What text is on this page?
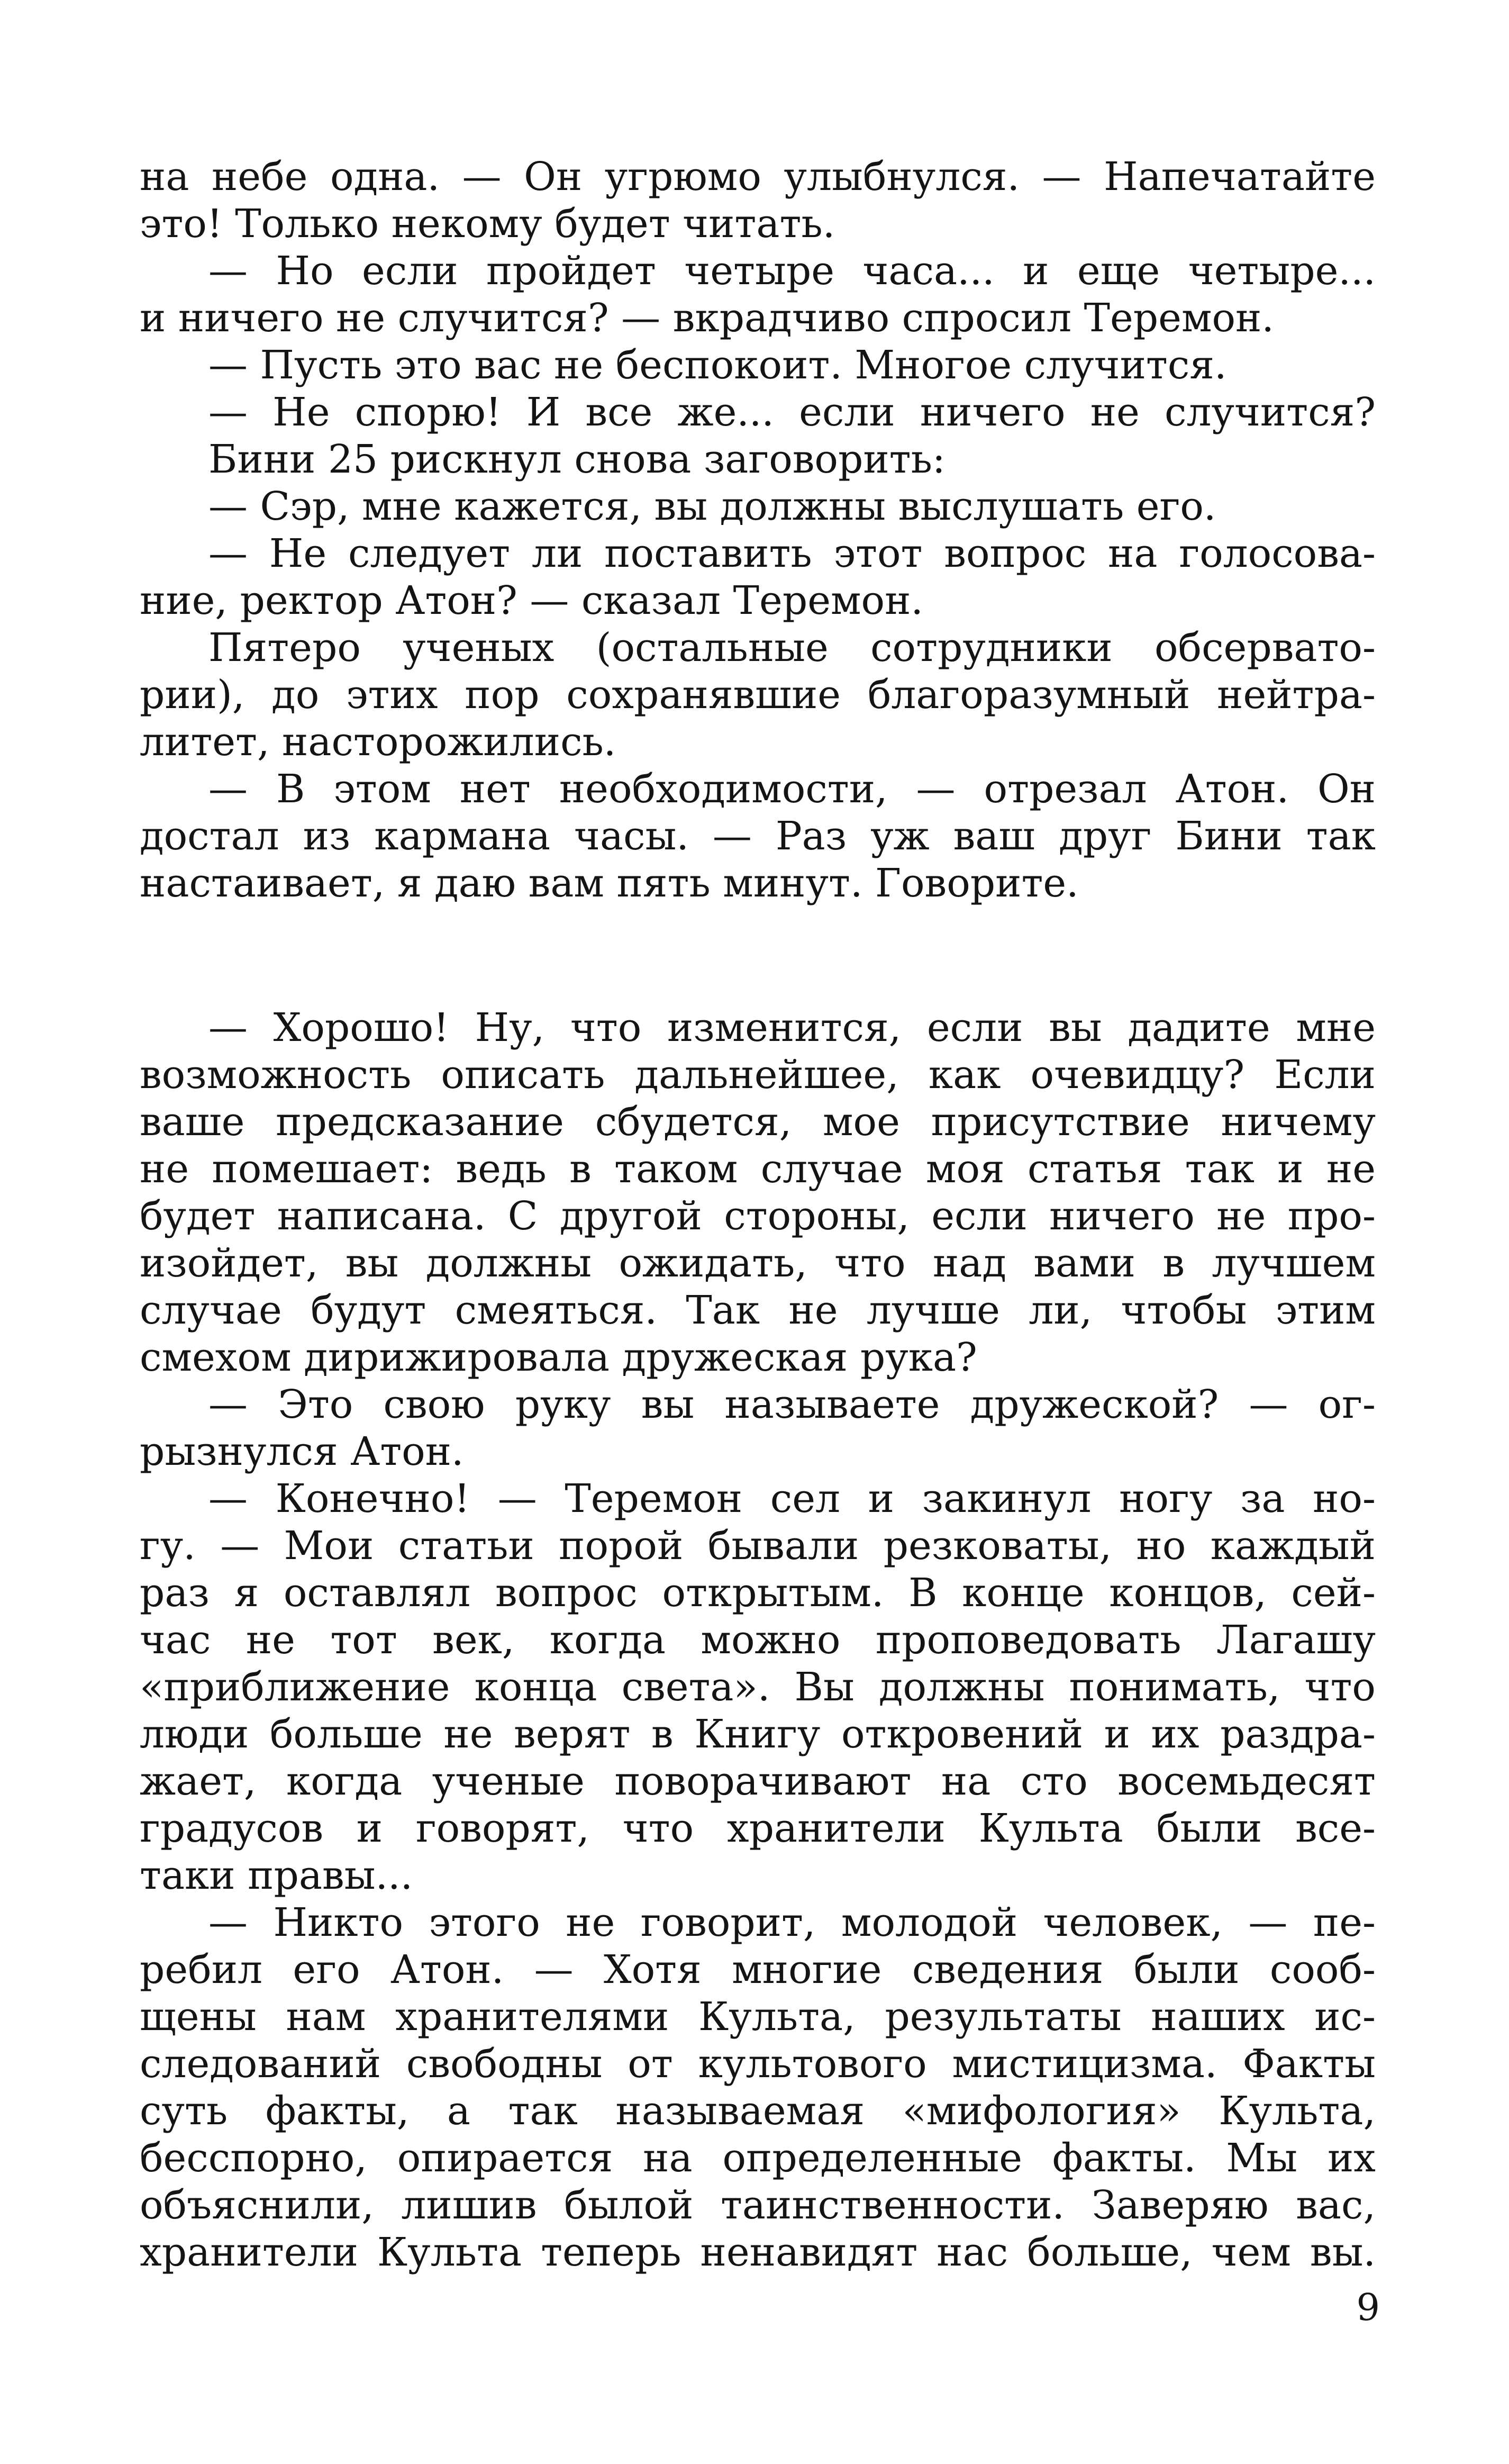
на небе одна. — Он угрюмо улыбнулся. — Напечатайте
это! Только некому будет читать.
— Но если пройдет четыре часа... и еще четыре...
и ничего не случится? — вкрадчиво спросил Теремон.
— Пусть это вас не беспокоит. Многое случится.
— Не спорю! И все же... если ничего не случится?
Бини 25 рискнул снова заговорить:
— Сэр, мне кажется, вы должны выслушать его.
— Не следует ли поставить этот вопрос на голосова-
ние, ректор Атон? — сказал Теремон.
Пятеро ученых (остальные сотрудники обсервато-
рии), до этих пор сохранявшие благоразумный нейтра-
литет, насторожились.
— В этом нет необходимости, — отрезал Атон. Он
достал из кармана часы. — Раз уж ваш друг Бини так
настаивает, я даю вам пять минут. Говорите.
— Хорошо! Ну, что изменится, если вы дадите мне
возможность описать дальнейшее, как очевидцу? Если
ваше предсказание сбудется, мое присутствие ничему
не помешает: ведь в таком случае моя статья так и не
будет написана. С другой стороны, если ничего не про-
изойдет, вы должны ожидать, что над вами в лучшем
случае будут смеяться. Так не лучше ли, чтобы этим
смехом дирижировала дружеская рука?
— Это свою руку вы называете дружеской? — ог-
рызнулся Атон.
— Конечно! — Теремон сел и закинул ногу за но-
гу. — Мои статьи порой бывали резковаты, но каждый
раз я оставлял вопрос открытым. В конце концов, сей-
час не тот век, когда можно проповедовать Лагашу
«приближение конца света». Вы должны понимать, что
люди больше не верят в Книгу откровений и их раздра-
жает, когда ученые поворачивают на сто восемьдесят
градусов и говорят, что хранители Культа были все-
таки правы...
— Никто этого не говорит, молодой человек, — пе-
ребил его Атон. — Хотя многие сведения были сооб-
щены нам хранителями Культа, результаты наших ис-
следований свободны от культового мистицизма. Факты
суть факты, а так называемая «мифология» Культа,
бесспорно, опирается на определенные факты. Мы их
объяснили, лишив былой таинственности. Заверяю вас,
хранители Культа теперь ненавидят нас больше, чем вы.
9
